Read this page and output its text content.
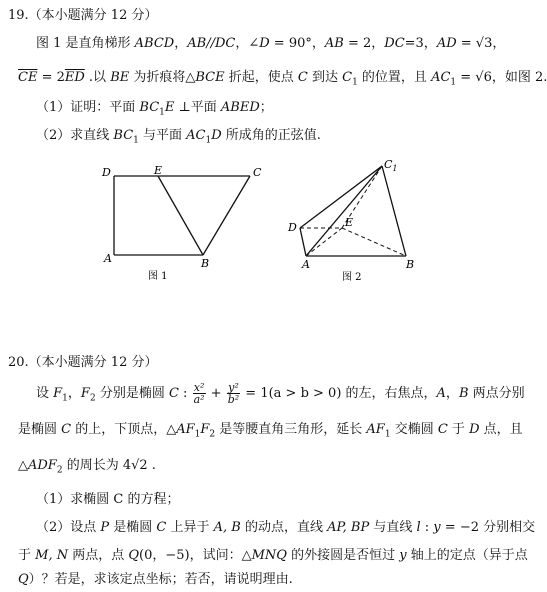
19.（本小题满分 12 分）
图 1 是直角梯形 ABCD，AB//DC，∠D = 90°，AB = 2，DC=3，AD = √3，
$\overline{CE} = 2\overline{ED}$ .以 BE 为折痕将△BCE 折起，使点 C 到达 $C_1$ 的位置，且 $AC_1 = √6$，如图 2.
（1）证明：平面 $BC_1E$ ⊥平面 ABED；
（2）求直线 $BC_1$ 与平面 $AC_1D$ 所成角的正弦值.
D	E	C
A	B
图 1
$C_1$
D	E
A	B
图 2
20.（本小题满分 12 分）
设 $F_1$，$F_2$ 分别是椭圆 C : $\frac{\text{x²}}{\text{a²}} + \frac{\text{y²}}{\text{b²}} = 1(a > b > 0)$ 的左，右焦点，A，B 两点分别
是椭圆 C 的上，下顶点，$\triangle AF_1F_2$ 是等腰直角三角形，延长 $AF_1$ 交椭圆 C 于 D 点，且
$\triangle ADF_2$ 的周长为 4√2 .
（1）求椭圆 C 的方程；
（2）设点 P 是椭圆 C 上异于 A, B 的动点，直线 AP, BP 与直线 l : y = −2 分别相交
于 M, N 两点，点 Q(0，−5)，试问：△MNQ 的外接圆是否恒过 y 轴上的定点（异于点
Q）？若是，求该定点坐标；若否，请说明理由.
